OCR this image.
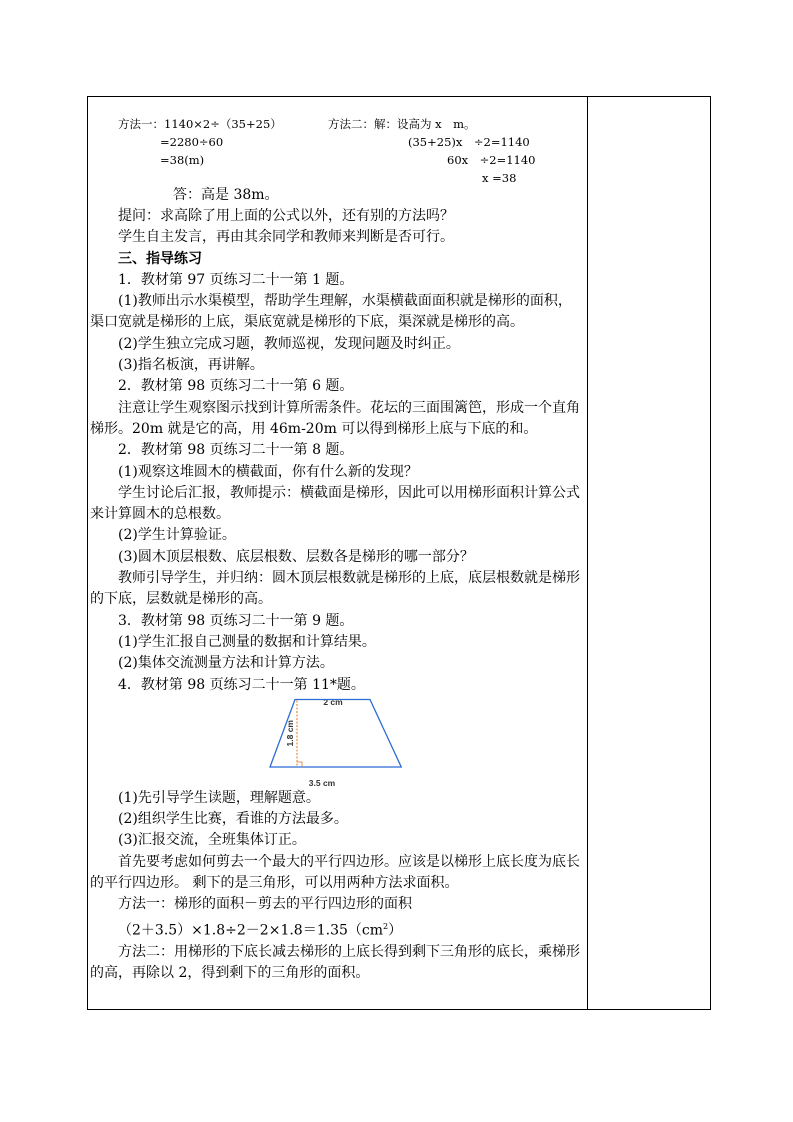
方法一：1140×2÷（35+25）
=2280÷60
=38(m)
方法二：解：设高为 x　m。
(35+25)x　÷2=1140
60x　÷2=1140
x =38

答：高是 38m。

提问：求高除了用上面的公式以外，还有别的方法吗？

学生自主发言，再由其余同学和教师来判断是否可行。

三、指导练习

1．教材第 97 页练习二十一第 1 题。

(1)教师出示水渠模型，帮助学生理解，水渠横截面面积就是梯形的面积，渠口宽就是梯形的上底，渠底宽就是梯形的下底，渠深就是梯形的高。

(2)学生独立完成习题，教师巡视，发现问题及时纠正。

(3)指名板演，再讲解。

2．教材第 98 页练习二十一第 6 题。

注意让学生观察图示找到计算所需条件。花坛的三面围篱笆，形成一个直角梯形。20m 就是它的高，用 46m-20m 可以得到梯形上底与下底的和。

2．教材第 98 页练习二十一第 8 题。

(1)观察这堆圆木的横截面，你有什么新的发现？

学生讨论后汇报，教师提示：横截面是梯形，因此可以用梯形面积计算公式来计算圆木的总根数。

(2)学生计算验证。

(3)圆木顶层根数、底层根数、层数各是梯形的哪一部分？

教师引导学生，并归纳：圆木顶层根数就是梯形的上底，底层根数就是梯形的下底，层数就是梯形的高。

3．教材第 98 页练习二十一第 9 题。

(1)学生汇报自己测量的数据和计算结果。

(2)集体交流测量方法和计算方法。

4．教材第 98 页练习二十一第 11*题。

2 cm
1.8 cm
3.5 cm

(1)先引导学生读题，理解题意。

(2)组织学生比赛，看谁的方法最多。

(3)汇报交流，全班集体订正。

首先要考虑如何剪去一个最大的平行四边形。应该是以梯形上底长度为底长的平行四边形。 剩下的是三角形，可以用两种方法求面积。

方法一：梯形的面积－剪去的平行四边形的面积

$(2+3.5)\times 1.8\div 2-2\times 1.8=1.35(cm^2)$

方法二：用梯形的下底长减去梯形的上底长得到剩下三角形的底长，乘梯形的高，再除以 2，得到剩下的三角形的面积。
